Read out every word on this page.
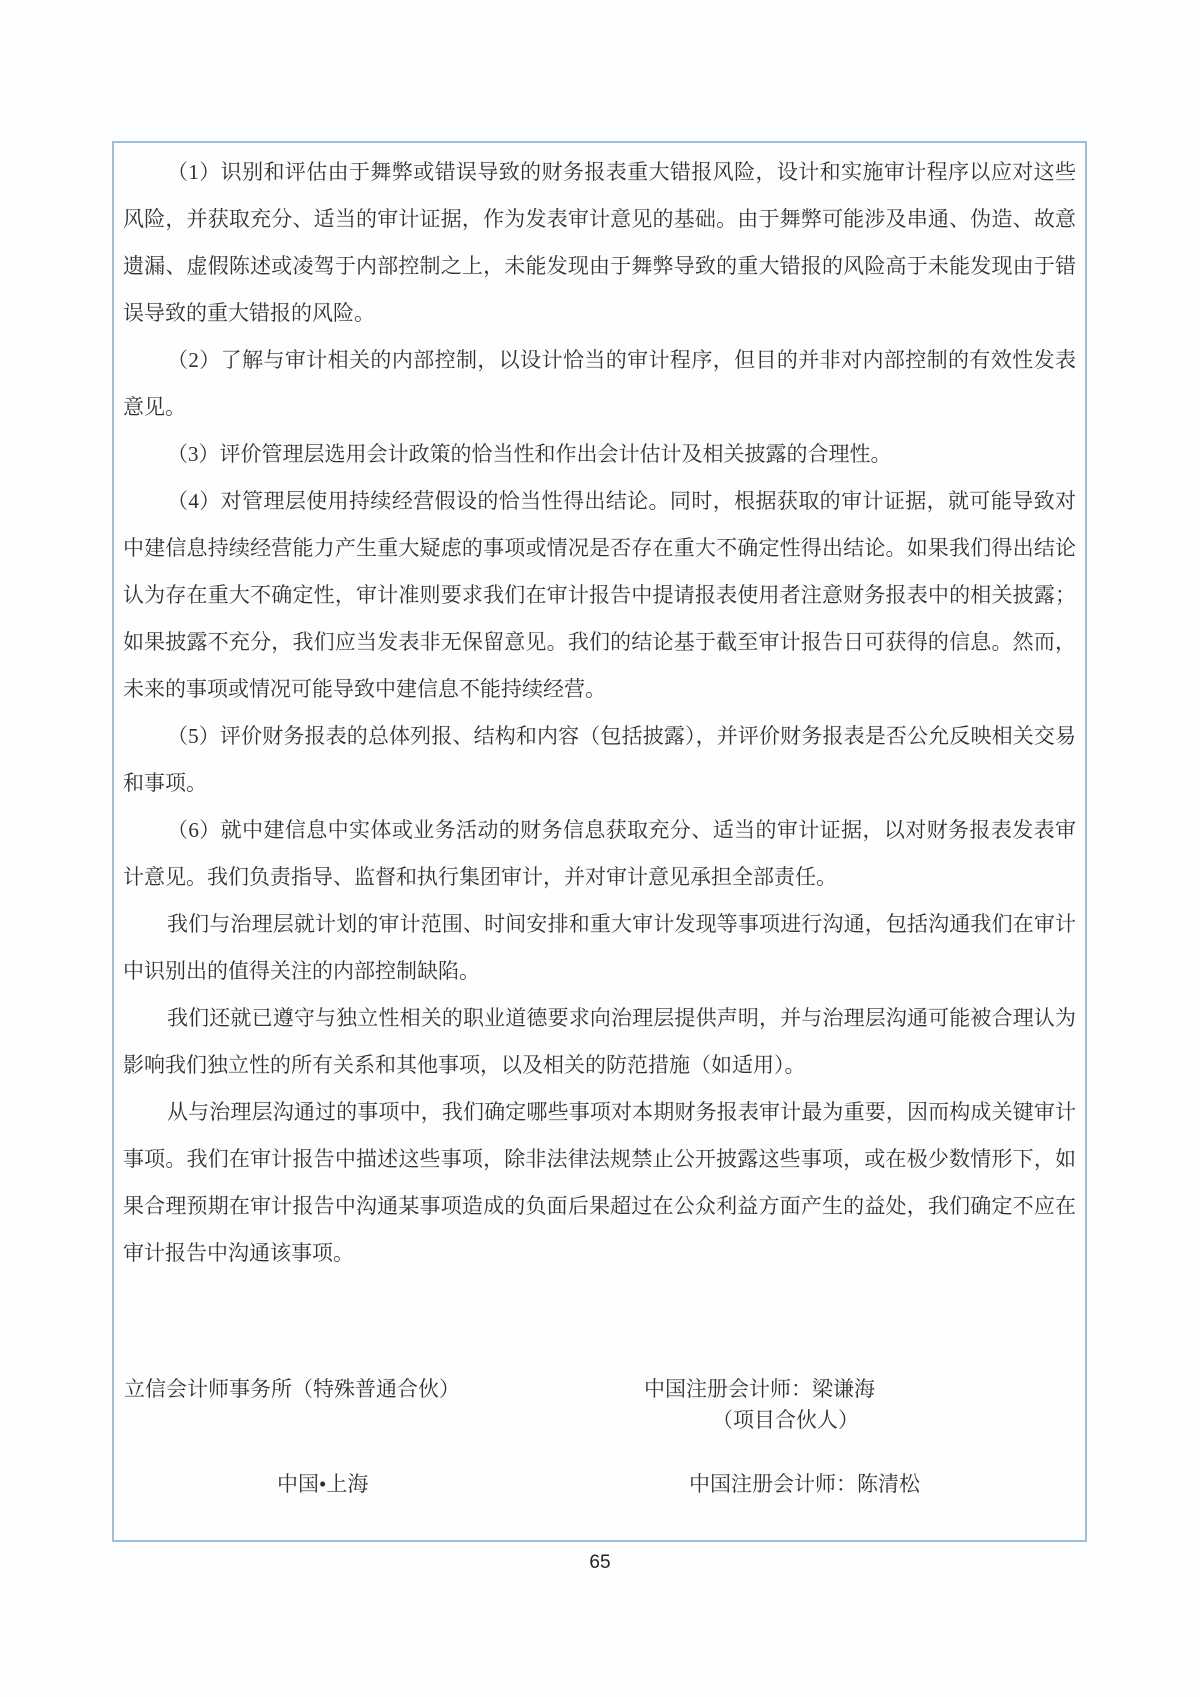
（1）识别和评估由于舞弊或错误导致的财务报表重大错报风险，设计和实施审计程序以应对这些风险，并获取充分、适当的审计证据，作为发表审计意见的基础。由于舞弊可能涉及串通、伪造、故意遗漏、虚假陈述或凌驾于内部控制之上，未能发现由于舞弊导致的重大错报的风险高于未能发现由于错误导致的重大错报的风险。

（2）了解与审计相关的内部控制，以设计恰当的审计程序，但目的并非对内部控制的有效性发表意见。

（3）评价管理层选用会计政策的恰当性和作出会计估计及相关披露的合理性。

（4）对管理层使用持续经营假设的恰当性得出结论。同时，根据获取的审计证据，就可能导致对中建信息持续经营能力产生重大疑虑的事项或情况是否存在重大不确定性得出结论。如果我们得出结论认为存在重大不确定性，审计准则要求我们在审计报告中提请报表使用者注意财务报表中的相关披露；如果披露不充分，我们应当发表非无保留意见。我们的结论基于截至审计报告日可获得的信息。然而，未来的事项或情况可能导致中建信息不能持续经营。

（5）评价财务报表的总体列报、结构和内容（包括披露），并评价财务报表是否公允反映相关交易和事项。

（6）就中建信息中实体或业务活动的财务信息获取充分、适当的审计证据，以对财务报表发表审计意见。我们负责指导、监督和执行集团审计，并对审计意见承担全部责任。

我们与治理层就计划的审计范围、时间安排和重大审计发现等事项进行沟通，包括沟通我们在审计中识别出的值得关注的内部控制缺陷。

我们还就已遵守与独立性相关的职业道德要求向治理层提供声明，并与治理层沟通可能被合理认为影响我们独立性的所有关系和其他事项，以及相关的防范措施（如适用）。

从与治理层沟通过的事项中，我们确定哪些事项对本期财务报表审计最为重要，因而构成关键审计事项。我们在审计报告中描述这些事项，除非法律法规禁止公开披露这些事项，或在极少数情形下，如果合理预期在审计报告中沟通某事项造成的负面后果超过在公众利益方面产生的益处，我们确定不应在审计报告中沟通该事项。

立信会计师事务所（特殊普通合伙）	中国注册会计师：梁谦海
（项目合伙人）
中国•上海	中国注册会计师：陈清松
65
